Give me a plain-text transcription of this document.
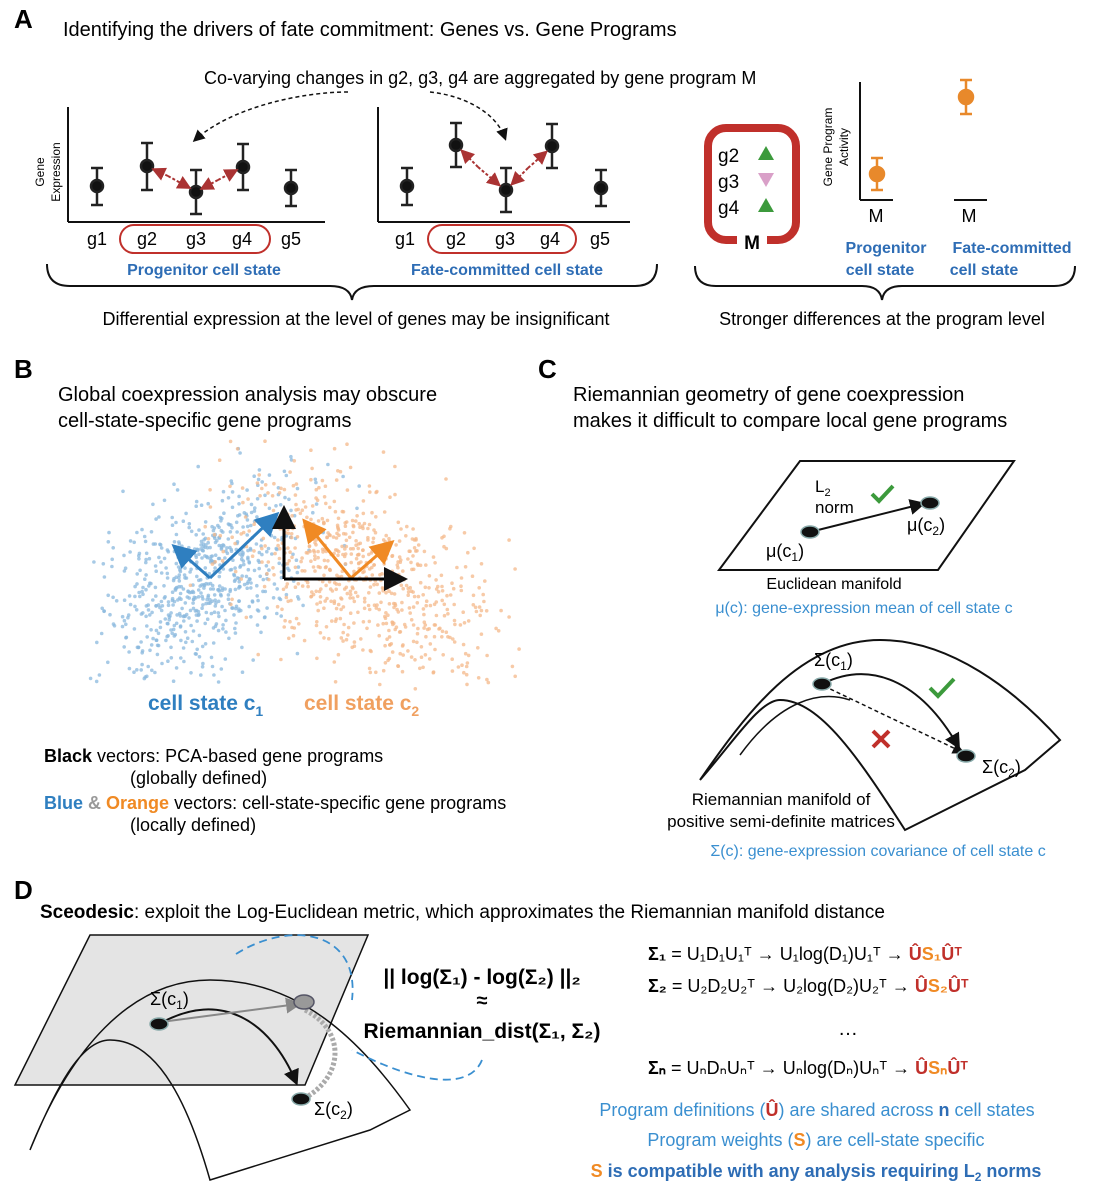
A Identifying the drivers of fate commitment: Genes vs. Gene Programs
Co-varying changes in g2, g3, g4 are aggregated by gene program M
Gene Expression
g1 g2 g3 g4 g5	g1 g2 g3 g4 g5
Progenitor cell state	Fate-committed cell state
Differential expression at the level of genes may be insignificant
M
g2
g3
g4
Gene Program Activity
M	M
Progenitor
cell state
Fate-committed
cell state
Stronger differences at the program level
B
Global coexpression analysis may obscure
cell-state-specific gene programs
cell state $c_1$ cell state $c_2$
Black vectors: PCA-based gene programs
(globally defined)
Blue & Orange vectors: cell-state-specific gene programs
(locally defined)
C
Riemannian geometry of gene coexpression
makes it difficult to compare local gene programs
$L_2$
norm
$\mu(c_1)$
$\mu(c_2)$
Euclidean manifold
μ(c): gene-expression mean of cell state c
$\Sigma(c_1)$
$\Sigma(c_2)$
Riemannian manifold of
positive semi-definite matrices
Σ(c): gene-expression covariance of cell state c
D
Sceodesic: exploit the Log-Euclidean metric, which approximates the Riemannian manifold distance
$\Sigma(c_1)$
$\Sigma(c_2)$
|| log(Σ₁) - log(Σ₂) ||₂
≈
Riemannian_dist(Σ₁, Σ₂)
Σ₁ = U₁D₁U₁ᵀ → U₁log(D₁)U₁ᵀ → ÛS₁Ûᵀ
Σ₂ = U₂D₂U₂ᵀ → U₂log(D₂)U₂ᵀ → ÛS₂Ûᵀ
…
Σₙ = UₙDₙUₙᵀ → Uₙlog(Dₙ)Uₙᵀ → ÛSₙÛᵀ
Program definitions (Û) are shared across n cell states
Program weights (S) are cell-state specific
S is compatible with any analysis requiring $L_2$ norms
